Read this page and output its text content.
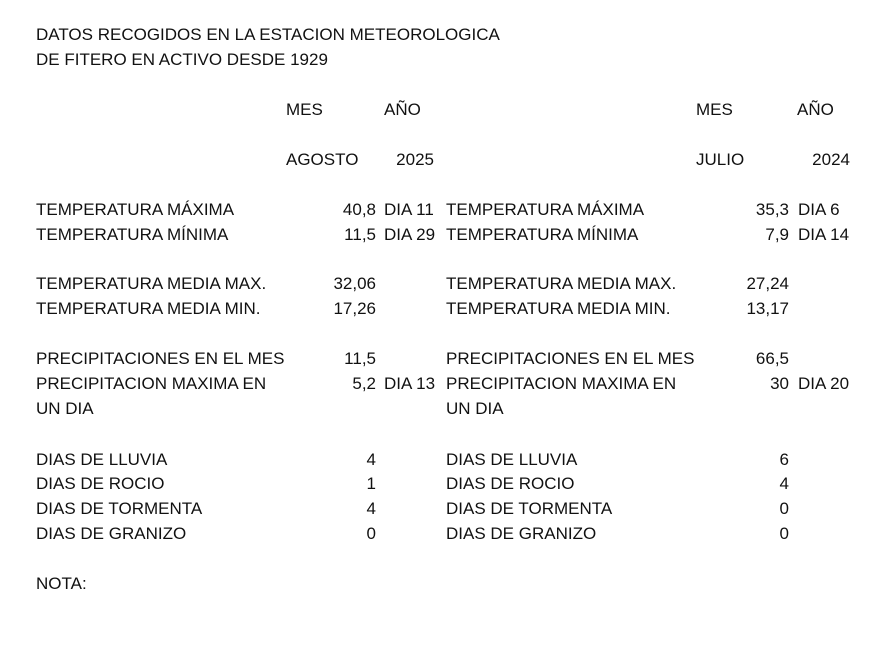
DATOS RECOGIDOS EN LA ESTACION METEOROLOGICA
DE FITERO EN ACTIVO DESDE 1929
MES	AÑO
AGOSTO	2025
MES	AÑO
JULIO	2024
TEMPERATURA MÁXIMA	40,8 DIA 11
TEMPERATURA MÍNIMA	11,5 DIA 29
TEMPERATURA MEDIA MAX.	32,06
TEMPERATURA MEDIA MIN.	17,26
PRECIPITACIONES EN EL MES	11,5
PRECIPITACION MAXIMA EN	5,2 DIA 13
UN DIA
DIAS DE LLUVIA	4
DIAS DE ROCIO	1
DIAS DE TORMENTA	4
DIAS DE GRANIZO	0
TEMPERATURA MÁXIMA	35,3 DIA 6
TEMPERATURA MÍNIMA	7,9 DIA 14
TEMPERATURA MEDIA MAX.	27,24
TEMPERATURA MEDIA MIN.	13,17
PRECIPITACIONES EN EL MES	66,5
PRECIPITACION MAXIMA EN	30 DIA 20
UN DIA
DIAS DE LLUVIA	6
DIAS DE ROCIO	4
DIAS DE TORMENTA	0
DIAS DE GRANIZO	0
NOTA:
